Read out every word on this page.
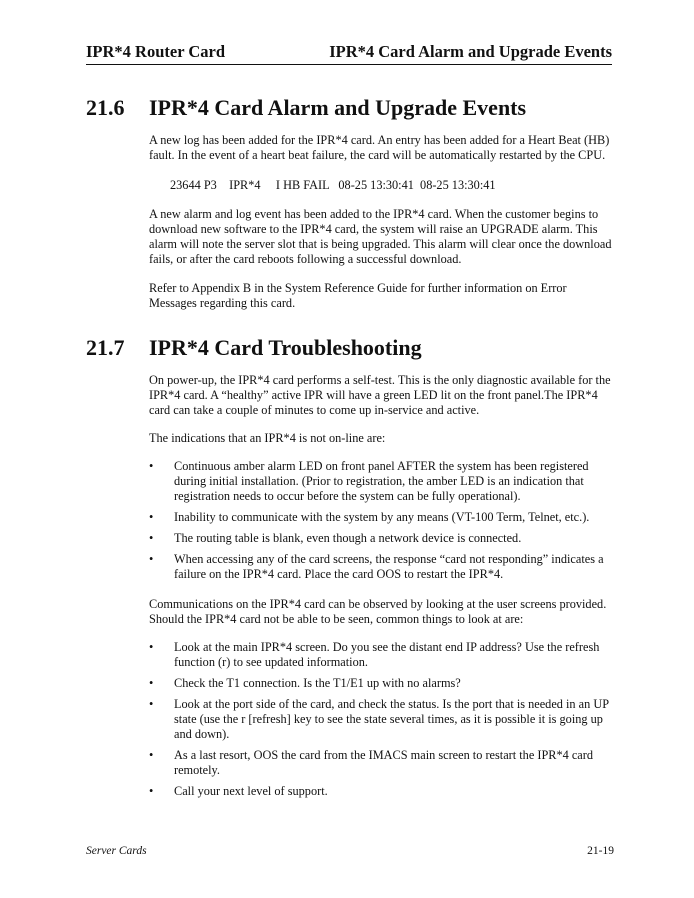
IPR*4 Router Card	IPR*4 Card Alarm and Upgrade Events
21.6 IPR*4 Card Alarm and Upgrade Events

A new log has been added for the IPR*4 card. An entry has been added for a Heart Beat (HB) fault. In the event of a heart beat failure, the card will be automatically restarted by the CPU.

23644 P3    IPR*4     I HB FAIL   08-25 13:30:41  08-25 13:30:41

A new alarm and log event has been added to the IPR*4 card. When the customer begins to download new software to the IPR*4 card, the system will raise an UPGRADE alarm. This alarm will note the server slot that is being upgraded. This alarm will clear once the download fails, or after the card reboots following a successful download.

Refer to Appendix B in the System Reference Guide for further information on Error Messages regarding this card.

21.7 IPR*4 Card Troubleshooting

On power-up, the IPR*4 card performs a self-test. This is the only diagnostic available for the IPR*4 card. A “healthy” active IPR will have a green LED lit on the front panel.The IPR*4 card can take a couple of minutes to come up in-service and active.

The indications that an IPR*4 is not on-line are:

• Continuous amber alarm LED on front panel AFTER the system has been registered during initial installation. (Prior to registration, the amber LED is an indication that registration needs to occur before the system can be fully operational).
• Inability to communicate with the system by any means (VT-100 Term, Telnet, etc.).
• The routing table is blank, even though a network device is connected.
• When accessing any of the card screens, the response “card not responding” indicates a failure on the IPR*4 card. Place the card OOS to restart the IPR*4.

Communications on the IPR*4 card can be observed by looking at the user screens provided. Should the IPR*4 card not be able to be seen, common things to look at are:

• Look at the main IPR*4 screen. Do you see the distant end IP address? Use the refresh function (r) to see updated information.
• Check the T1 connection. Is the T1/E1 up with no alarms?
• Look at the port side of the card, and check the status. Is the port that is needed in an UP state (use the r [refresh] key to see the state several times, as it is possible it is going up and down).
• As a last resort, OOS the card from the IMACS main screen to restart the IPR*4 card remotely.
• Call your next level of support.
Server Cards	21-19
